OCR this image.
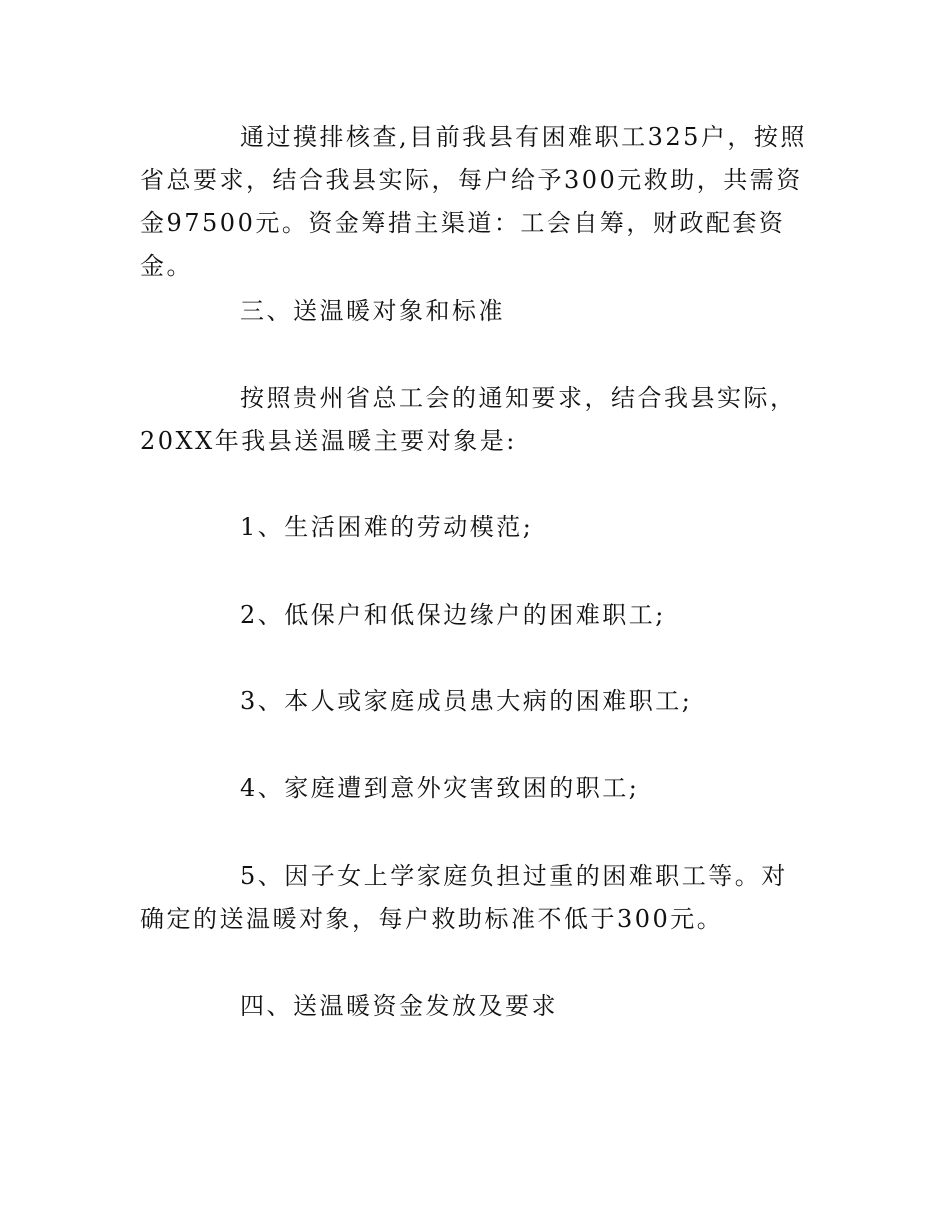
通过摸排核查,目前我县有困难职工325户，按照省总要求，结合我县实际，每户给予300元救助，共需资金97500元。资金筹措主渠道：工会自筹，财政配套资金。

三、送温暖对象和标准

按照贵州省总工会的通知要求，结合我县实际，20XX年我县送温暖主要对象是:

1、生活困难的劳动模范;

2、低保户和低保边缘户的困难职工;

3、本人或家庭成员患大病的困难职工;

4、家庭遭到意外灾害致困的职工;

5、因子女上学家庭负担过重的困难职工等。对确定的送温暖对象，每户救助标准不低于300元。

四、送温暖资金发放及要求
